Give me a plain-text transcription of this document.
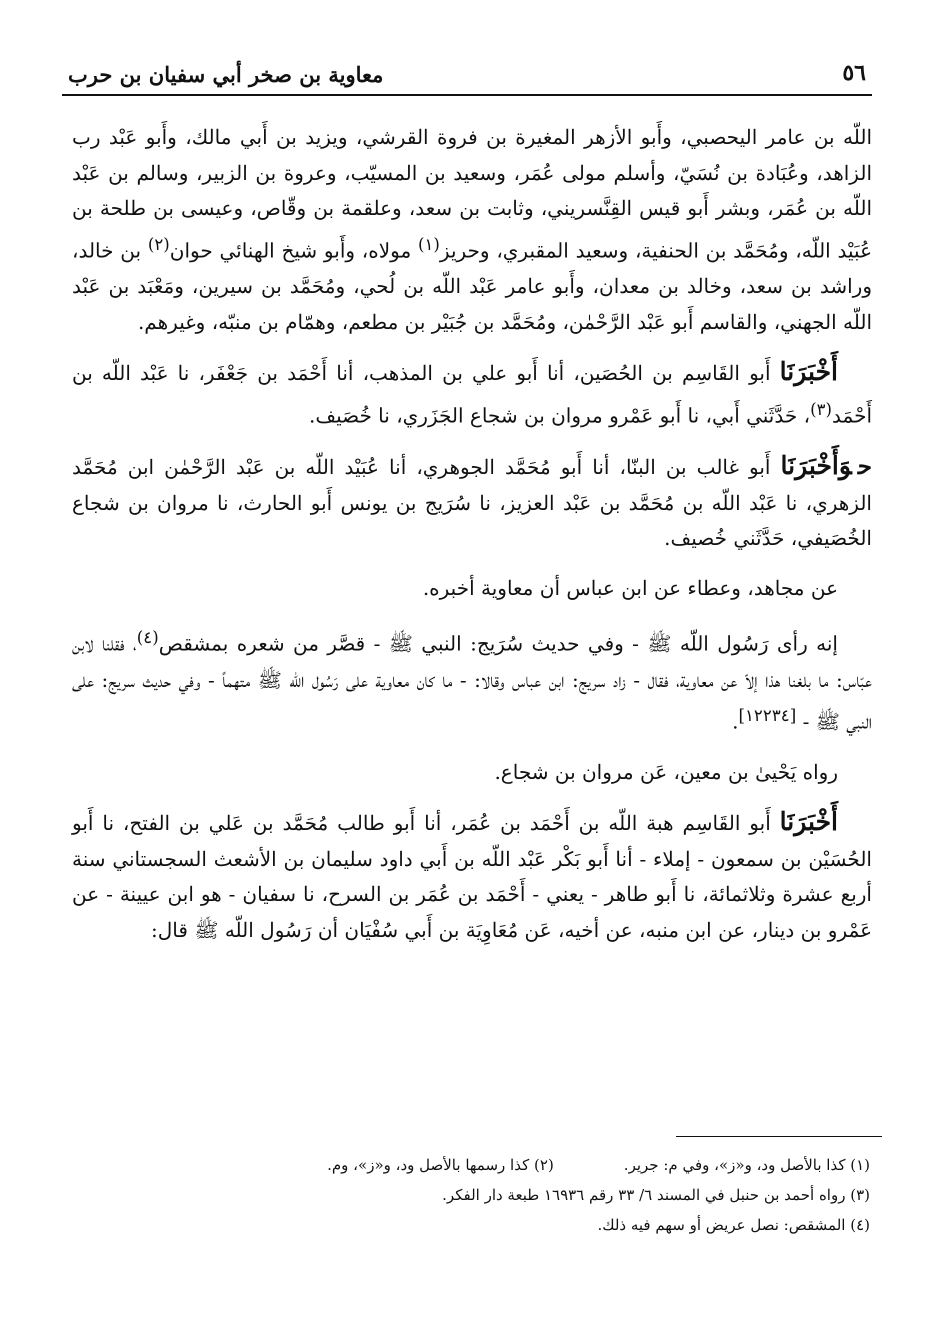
٥٦
معاوية بن صخر أبي سفيان بن حرب

اللّه بن عامر اليحصبي، وأَبو الأزهر المغيرة بن فروة القرشي، ويزيد بن أَبي مالك، وأَبو عَبْد رب الزاهد، وعُبَادة بن نُسَيّ، وأسلم مولى عُمَر، وسعيد بن المسيّب، وعروة بن الزبير، وسالم بن عَبْد اللّه بن عُمَر، وبشر أَبو قيس القِنَّسريني، وثابت بن سعد، وعلقمة بن وقّاص، وعيسى بن طلحة بن عُبَيْد اللّه، ومُحَمَّد بن الحنفية، وسعيد المقبري، وحريز$^{(١)}$ مولاه، وأَبو شيخ الهنائي حوان$^{(٢)}$ بن خالد، وراشد بن سعد، وخالد بن معدان، وأَبو عامر عَبْد اللّه بن لُحي، ومُحَمَّد بن سيرين، ومَعْبَد بن عَبْد اللّه الجهني، والقاسم أَبو عَبْد الرَّحْمٰن، ومُحَمَّد بن جُبَيْر بن مطعم، وهمّام بن منبّه، وغيرهم.

أَخْبَرَنَا أَبو القَاسِم بن الحُصَين، أنا أَبو علي بن المذهب، أنا أَحْمَد بن جَعْفَر، نا عَبْد اللّه بن أَحْمَد$^{(٣)}$، حَدَّثَني أَبي، نا أَبو عَمْرو مروان بن شجاع الجَزَري، نا خُصَيف.

حوَأَخْبَرَنَا أَبو غالب بن البنّا، أنا أَبو مُحَمَّد الجوهري، أنا عُبَيْد اللّه بن عَبْد الرَّحْمٰن ابن مُحَمَّد الزهري، نا عَبْد اللّه بن مُحَمَّد بن عَبْد العزيز، نا سُرَيج بن يونس أَبو الحارث، نا مروان بن شجاع الخُصَيفي، حَدَّثَني خُصيف.

عن مجاهد، وعطاء عن ابن عباس أن معاوية أخبره.

إنه رأى رَسُول اللّه ﷺ - وفي حديث سُرَيج: النبي ﷺ - قصَّر من شعره بمشقص$^{(٤)}$، فقلنا لابن عبّاس: ما بلغنا هذا إلاّ عن معاوية، فقال - زاد سريج: ابن عباس وقالا: - ما كان معاوية على رَسُول اللّه ﷺ متهماً - وفي حديث سريج: على النبي ﷺ - [١٢٢٣٤].

رواه يَحْيىٰ بن معين، عَن مروان بن شجاع.

أَخْبَرَنَا أَبو القَاسِم هبة اللّه بن أَحْمَد بن عُمَر، أنا أَبو طالب مُحَمَّد بن عَلي بن الفتح، نا أَبو الحُسَيْن بن سمعون - إملاء - أنا أَبو بَكْر عَبْد اللّه بن أَبي داود سليمان بن الأشعث السجستاني سنة أربع عشرة وثلاثمائة، نا أَبو طاهر - يعني - أَحْمَد بن عُمَر بن السرح، نا سفيان - هو ابن عيينة - عن عَمْرو بن دينار، عن ابن منبه، عن أخيه، عَن مُعَاوِيَة بن أَبي سُفْيَان أن رَسُول اللّه ﷺ قال:

(١) كذا بالأصل ود، و«ز»، وفي م: جرير.(٢) كذا رسمها بالأصل ود، و«ز»، وم.
(٣) رواه أحمد بن حنبل في المسند ٦/ ٣٣ رقم ١٦٩٣٦ طبعة دار الفكر.
(٤) المشقص: نصل عريض أو سهم فيه ذلك.
